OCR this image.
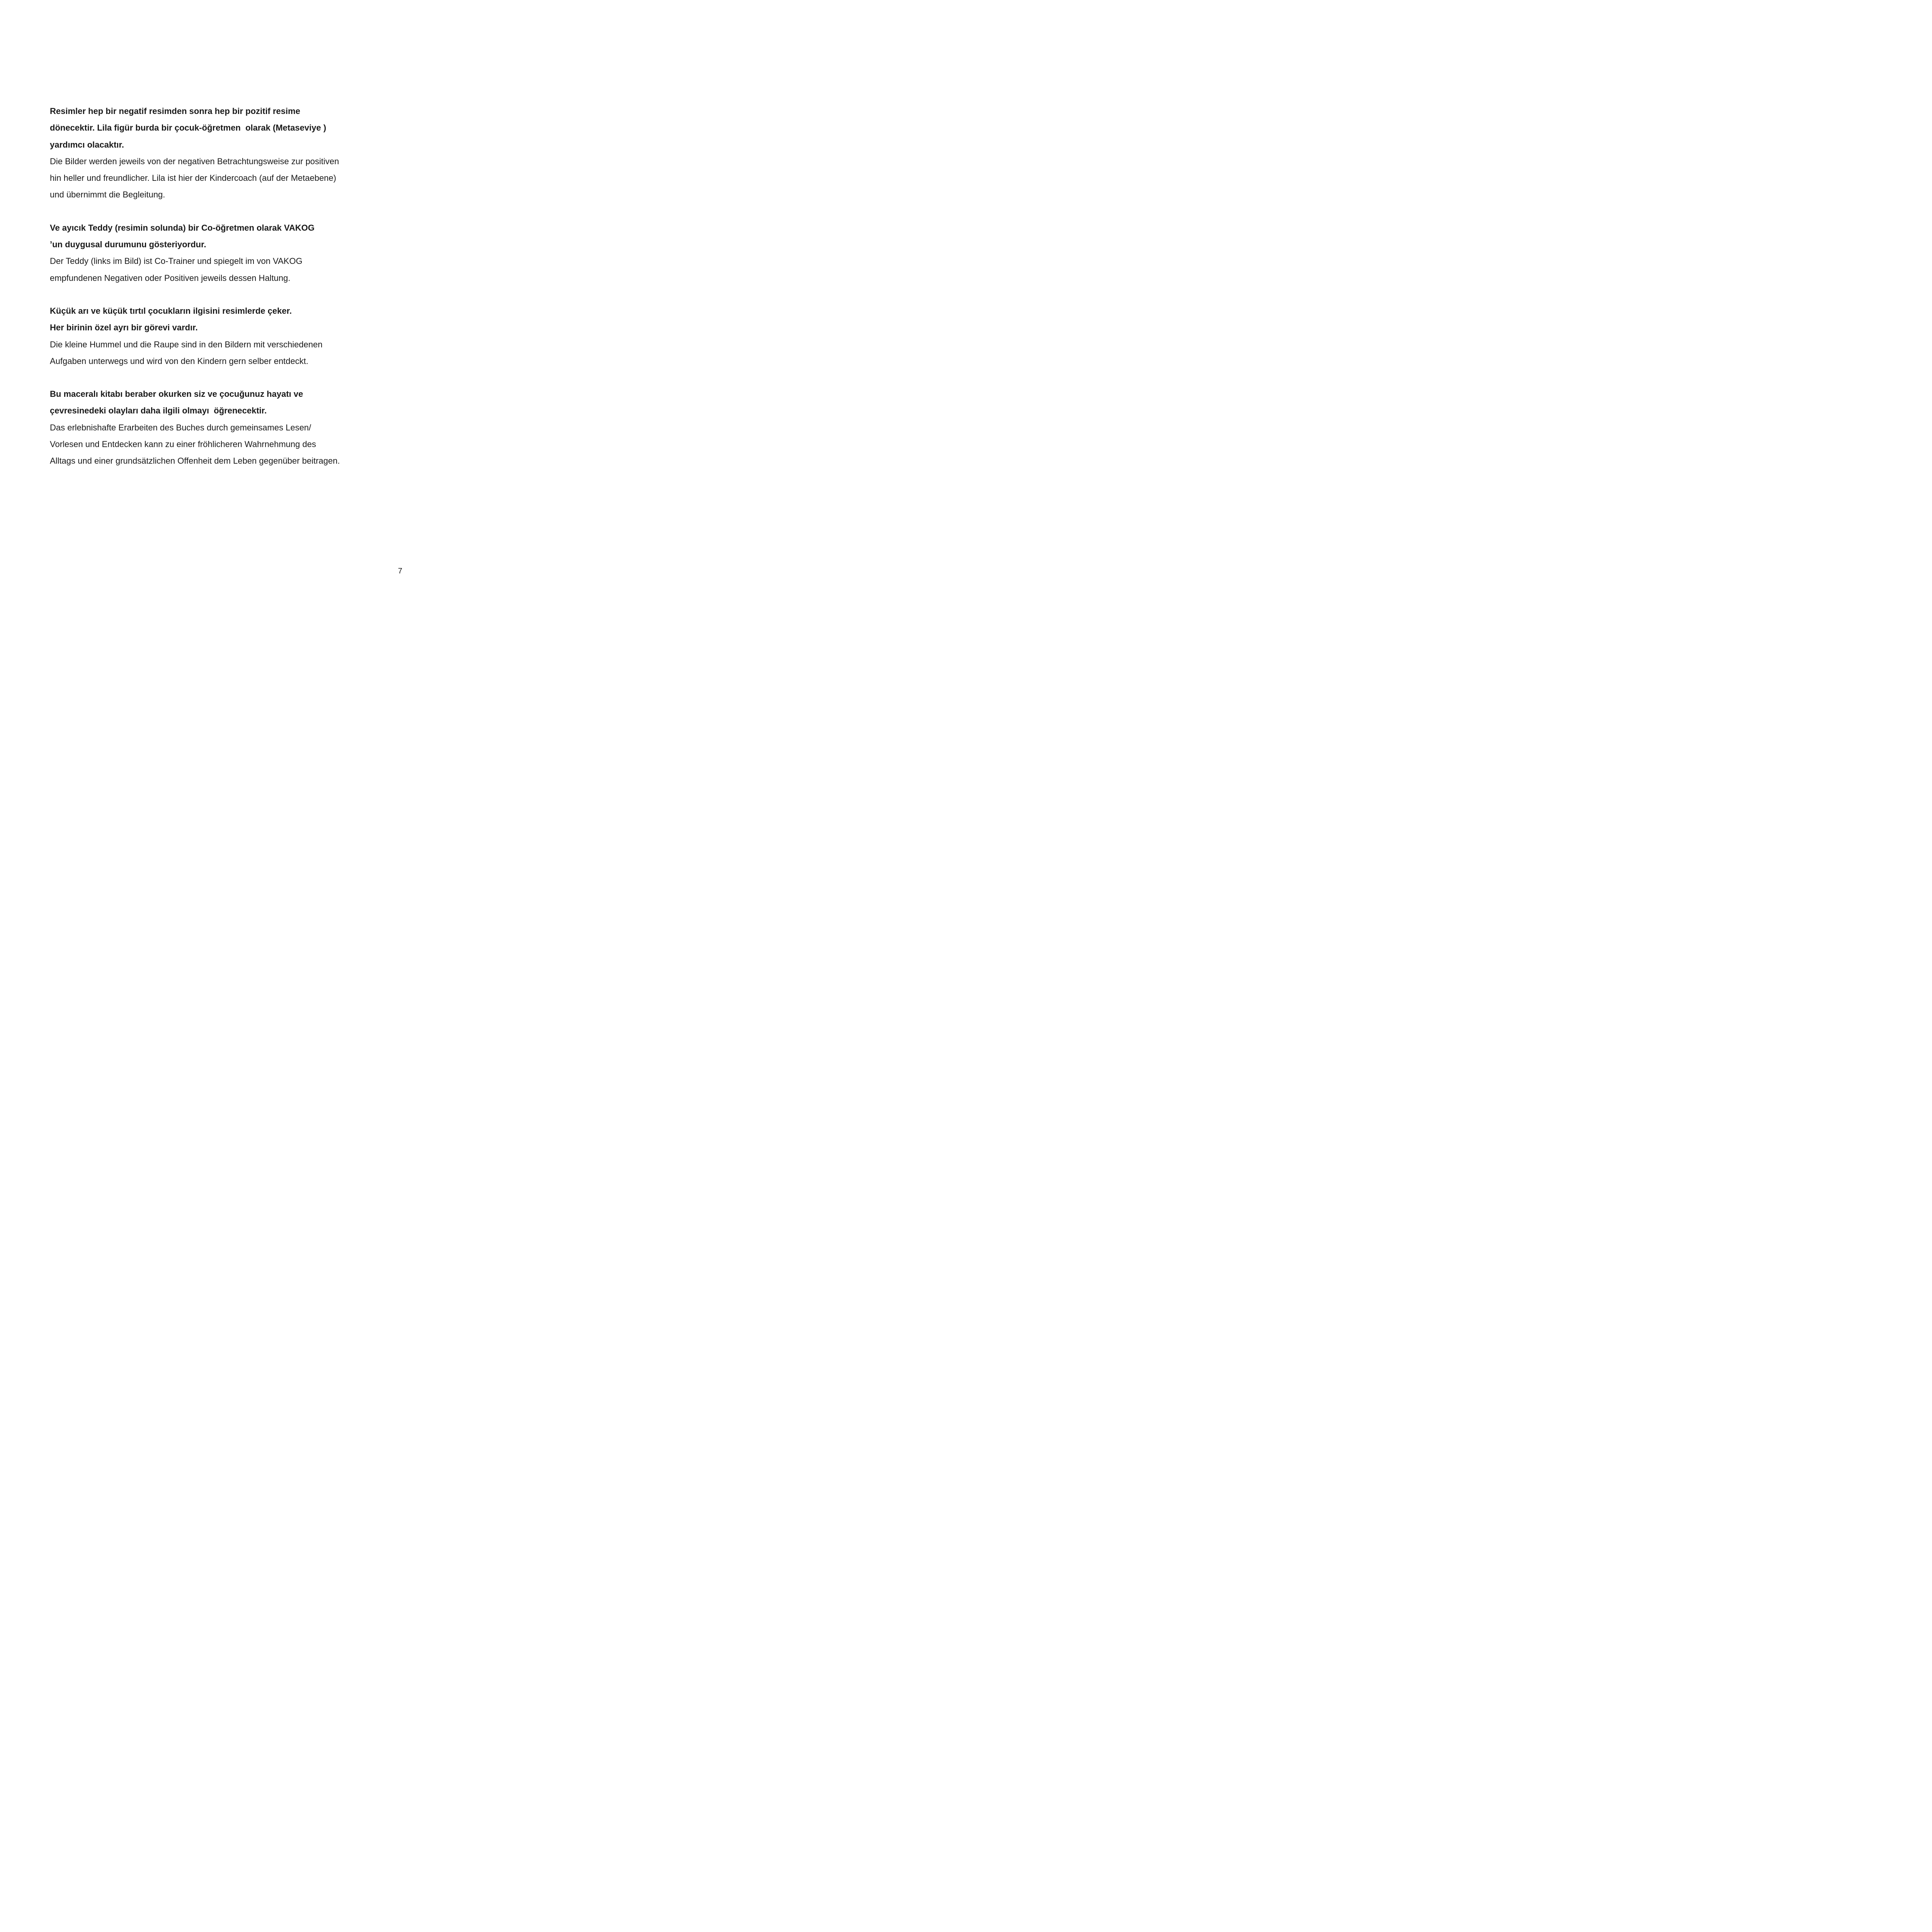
Resimler hep bir negatif resimden sonra hep bir pozitif resime
dönecektir. Lila figür burda bir çocuk-öğretmen  olarak (Metaseviye )
yardımcı olacaktır.
Die Bilder werden jeweils von der negativen Betrachtungsweise zur positiven
hin heller und freundlicher. Lila ist hier der Kindercoach (auf der Metaebene)
und übernimmt die Begleitung.
Ve ayıcık Teddy (resimin solunda) bir Co-öğretmen olarak VAKOG
’un duygusal durumunu gösteriyordur.
Der Teddy (links im Bild) ist Co-Trainer und spiegelt im von VAKOG
empfundenen Negativen oder Positiven jeweils dessen Haltung.
Küçük arı ve küçük tırtıl çocukların ilgisini resimlerde çeker.
Her birinin özel ayrı bir görevi vardır.
Die kleine Hummel und die Raupe sind in den Bildern mit verschiedenen
Aufgaben unterwegs und wird von den Kindern gern selber entdeckt.
Bu maceralı kitabı beraber okurken siz ve çocuğunuz hayatı ve
çevresinedeki olayları daha ilgili olmayı  öğrenecektir.
Das erlebnishafte Erarbeiten des Buches durch gemeinsames Lesen/
Vorlesen und Entdecken kann zu einer fröhlicheren Wahrnehmung des
Alltags und einer grundsätzlichen Offenheit dem Leben gegenüber beitragen.
7
